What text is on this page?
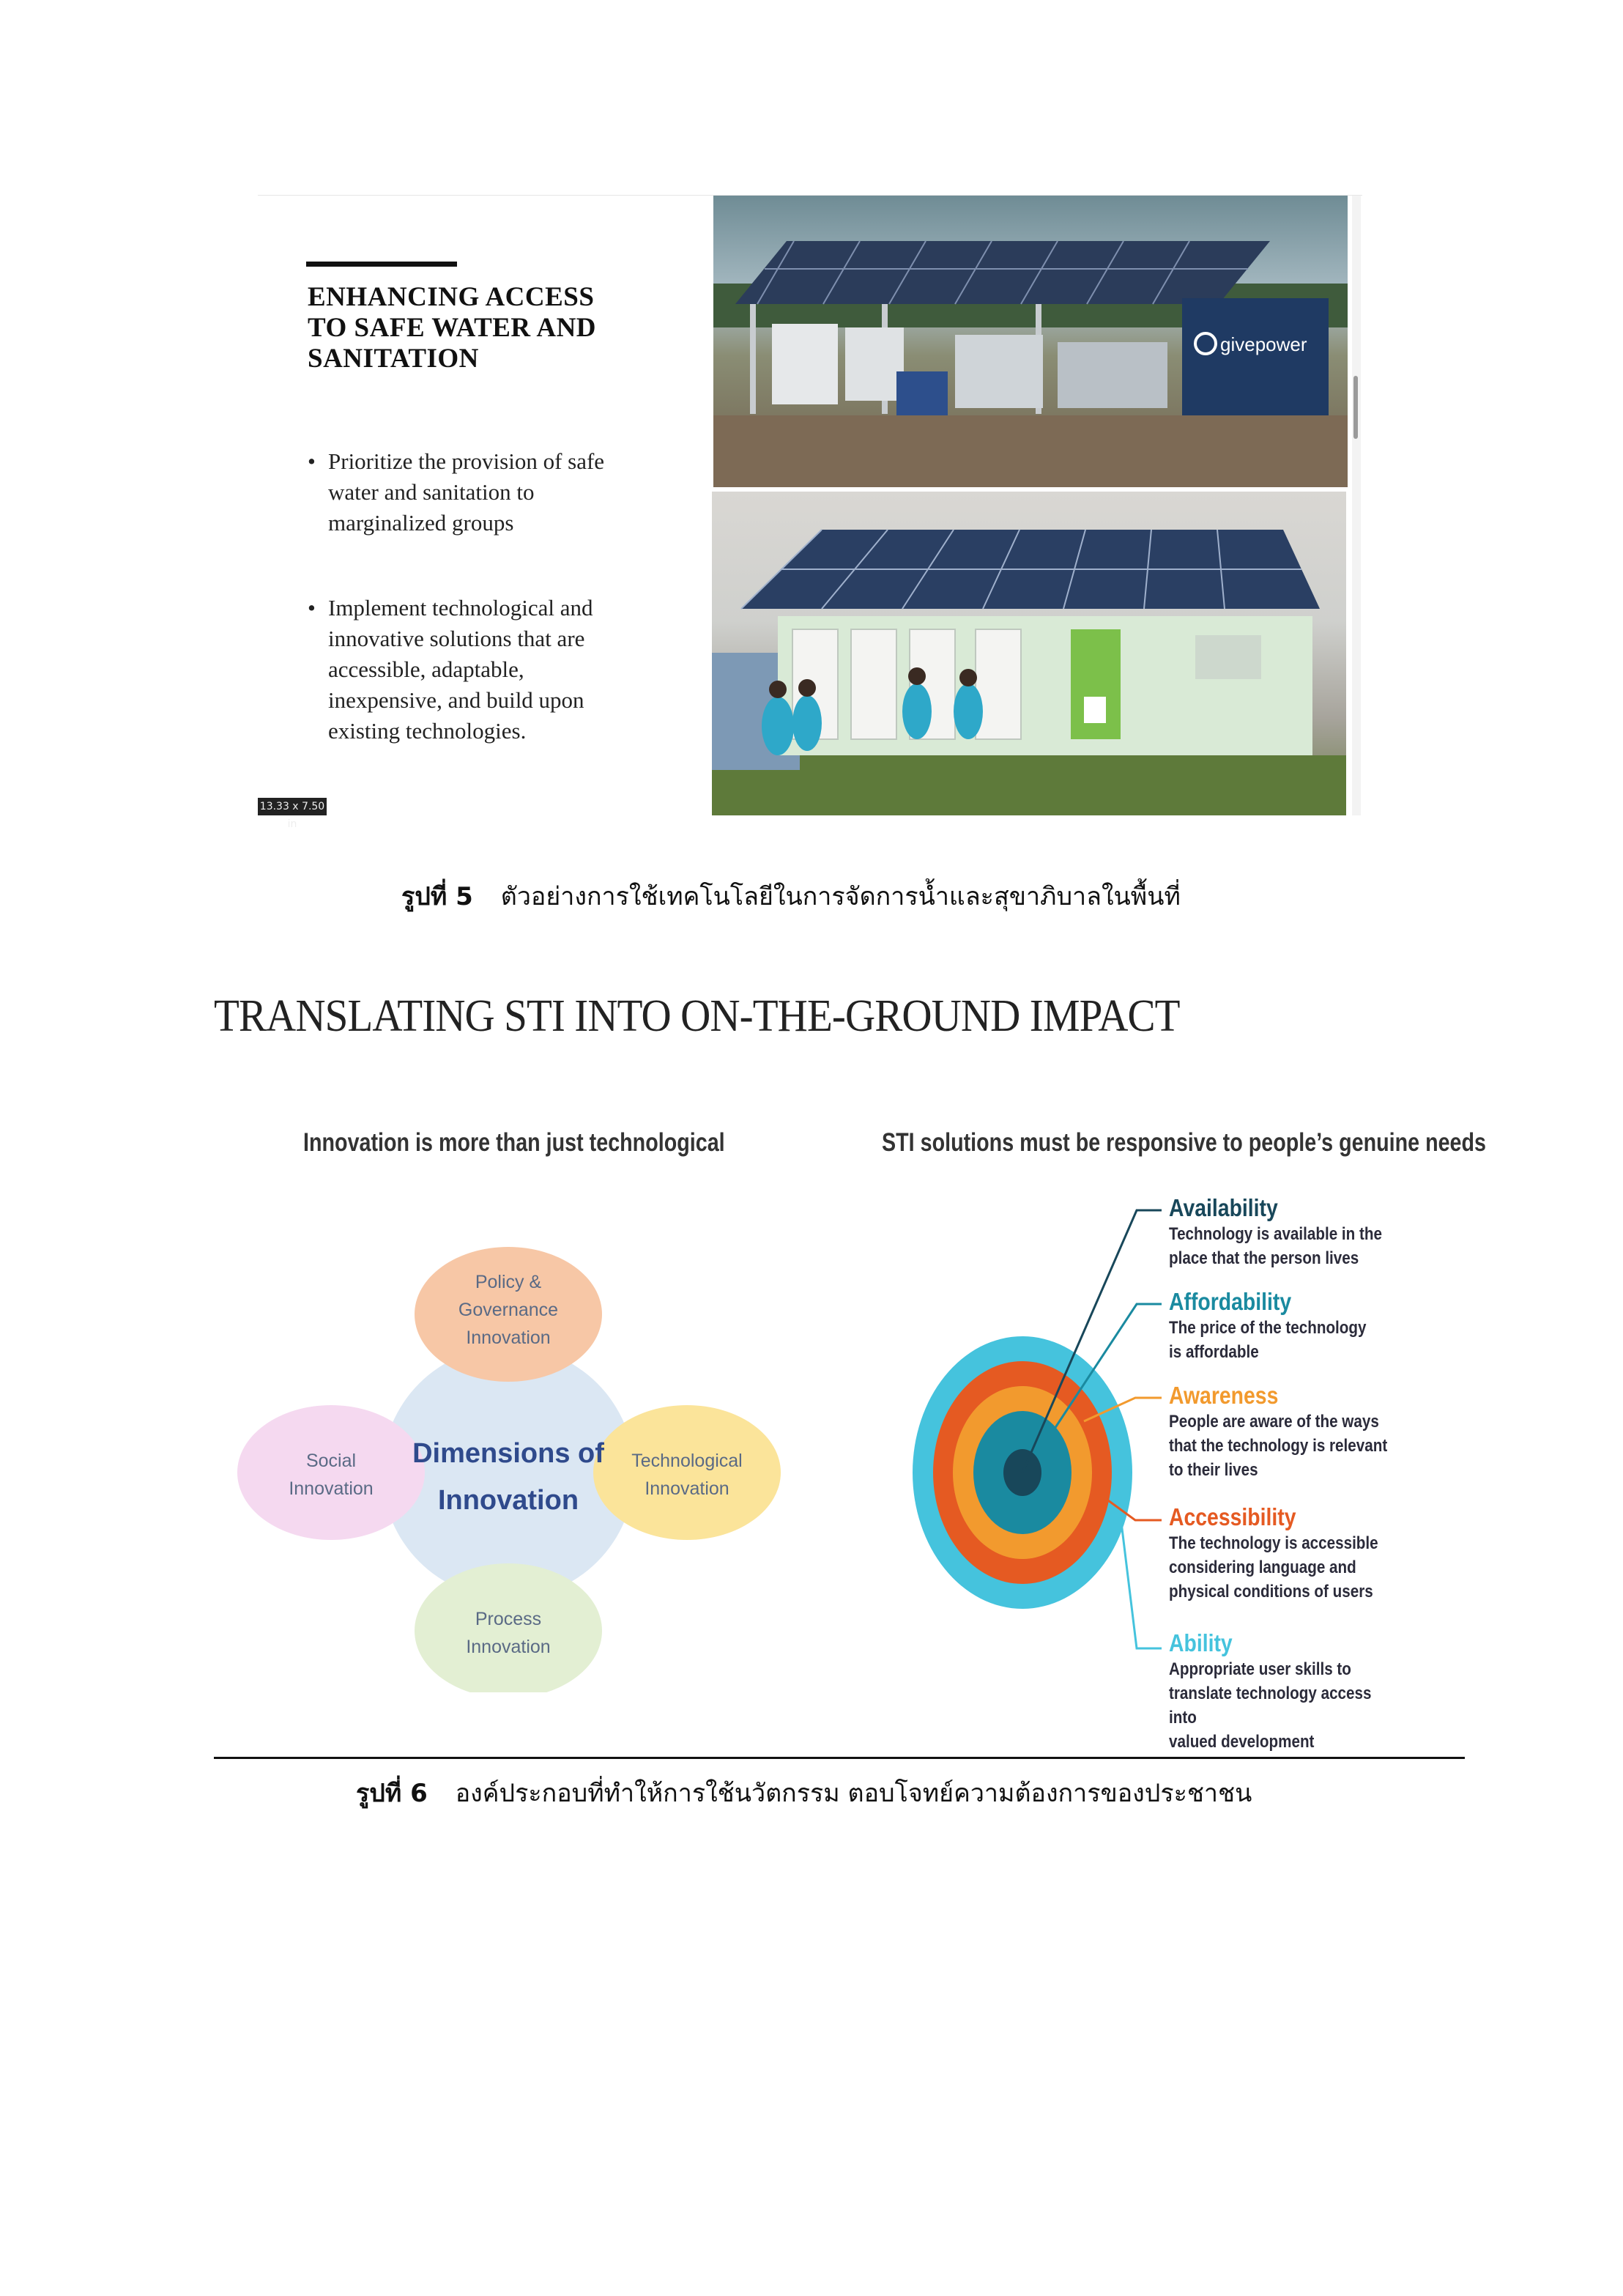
ENHANCING ACCESS
TO SAFE WATER AND
SANITATION
• Prioritize the provision of safe water and sanitation to marginalized groups
• Implement technological and innovative solutions that are accessible, adaptable, inexpensive, and build upon existing technologies.
13.33 x 7.50 in
givepower
รูปที่ 5 ตัวอย่างการใช้เทคโนโลยีในการจัดการน้ำและสุขาภิบาลในพื้นที่
TRANSLATING STI INTO ON-THE-GROUND IMPACT
Innovation is more than just technological	STI solutions must be responsive to people’s genuine needs
Dimensions of
Innovation
Policy &
Governance
Innovation
Technological
Innovation
Process
Innovation
Social
Innovation
Availability
Technology is available in the
place that the person lives
Affordability
The price of the technology
is affordable
Awareness
People are aware of the ways
that the technology is relevant
to their lives
Accessibility
The technology is accessible
considering language and
physical conditions of users
Ability
Appropriate user skills to
translate technology access into
valued development
รูปที่ 6 องค์ประกอบที่ทำให้การใช้นวัตกรรม ตอบโจทย์ความต้องการของประชาชน
